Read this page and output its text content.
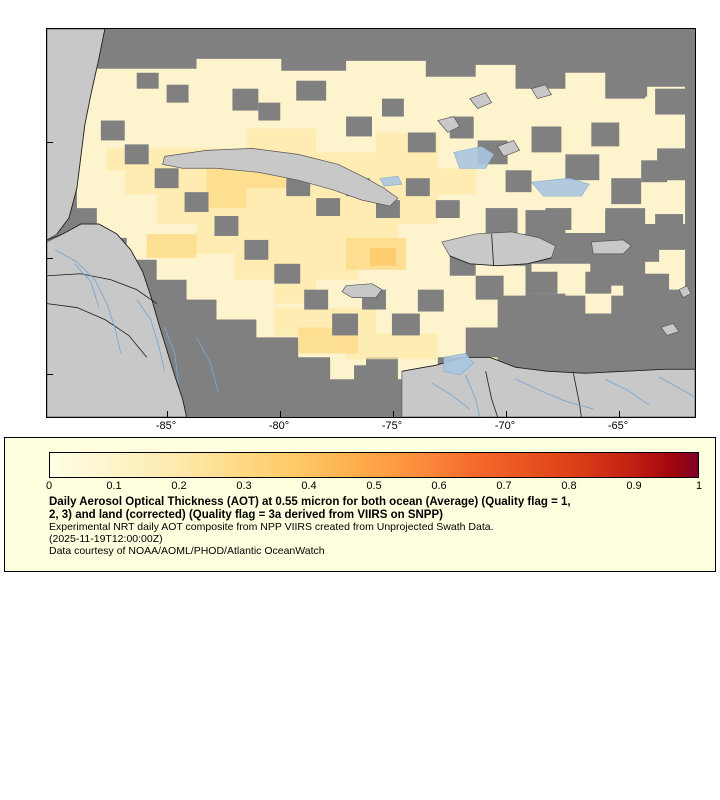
-85°	-80°	-75°	-70°	-65°
0	0.1	0.2	0.3	0.4	0.5	0.6	0.7	0.8	0.9	1
Daily Aerosol Optical Thickness (AOT) at 0.55 micron for both ocean (Average) (Quality flag = 1,
2, 3) and land (corrected) (Quality flag = 3a derived from VIIRS on SNPP)
Experimental NRT daily AOT composite from NPP VIIRS created from Unprojected Swath Data.
(2025-11-19T12:00:00Z)
Data courtesy of NOAA/AOML/PHOD/Atlantic OceanWatch
